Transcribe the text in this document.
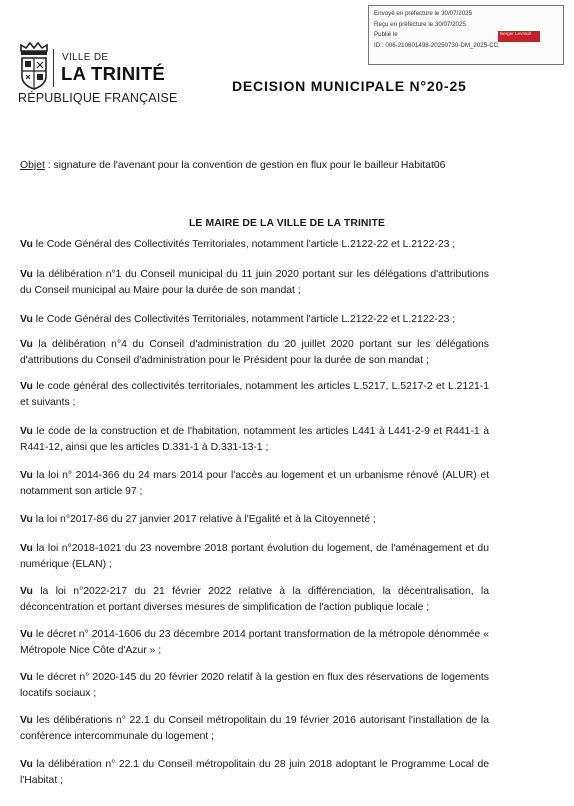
Envoyé en préfecture le 30/07/2025
Reçu en préfecture le 30/07/2025
Publié le
ID : 006-210601498-20250730-DM_2025-CC
Berger Levrault
VILLE DE
LA TRINITÉ
RÉPUBLIQUE FRANÇAISE
DECISION MUNICIPALE N°20-25
Objet : signature de l'avenant pour la convention de gestion en flux pour le bailleur Habitat06
LE MAIRE DE LA VILLE DE LA TRINITE

Vu le Code Général des Collectivités Territoriales, notamment l'article L.2122-22 et L.2122-23 ;

Vu la délibération n°1 du Conseil municipal du 11 juin 2020 portant sur les délégations d'attributions du Conseil municipal au Maire pour la durée de son mandat ;

Vu le Code Général des Collectivités Territoriales, notamment l'article L.2122-22 et L.2122-23 ;

Vu la délibération n°4 du Conseil d'administration du 20 juillet 2020 portant sur les délégations d'attributions du Conseil d'administration pour le Président pour la durée de son mandat ;

Vu le code général des collectivités territoriales, notamment les articles L.5217, L.5217-2 et L.2121-1 et suivants ;

Vu le code de la construction et de l'habitation, notamment les articles L441 à L441-2-9 et R441-1 à R441-12, ainsi que les articles D.331-1 à D.331-13-1 ;

Vu la loi n° 2014-366 du 24 mars 2014 pour l'accès au logement et un urbanisme rénové (ALUR) et notamment son article 97 ;

Vu la loi n°2017-86 du 27 janvier 2017 relative à l'Egalité et à la Citoyenneté ;

Vu la loi n°2018-1021 du 23 novembre 2018 portant évolution du logement, de l'aménagement et du numérique (ELAN) ;

Vu la loi n°2022-217 du 21 février 2022 relative à la différenciation, la décentralisation, la déconcentration et portant diverses mesures de simplification de l'action publique locale ;

Vu le décret n° 2014-1606 du 23 décembre 2014 portant transformation de la métropole dénommée « Métropole Nice Côte d'Azur » ;

Vu le décret n° 2020-145 du 20 février 2020 relatif à la gestion en flux des réservations de logements locatifs sociaux ;

Vu les délibérations n° 22.1 du Conseil métropolitain du 19 février 2016 autorisant l'installation de la conférence intercommunale du logement ;

Vu la délibération n° 22.1 du Conseil métropolitain du 28 juin 2018 adoptant le Programme Local de l'Habitat ;
